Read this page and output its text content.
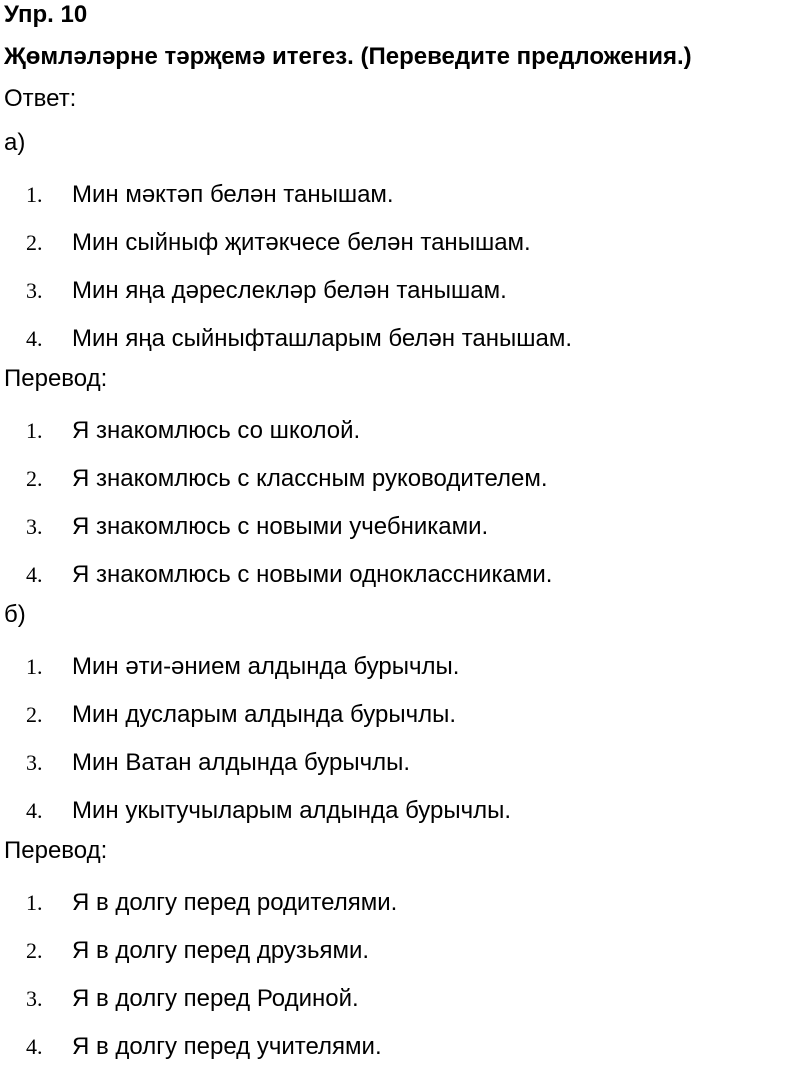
Упр. 10
Җөмләләрне тәрҗемә итегез. (Переведите предложения.)
Ответ:
а)
1.	Мин мәктәп белән танышам.
2.	Мин сыйныф җитәкчесе белән танышам.
3.	Мин яңа дәреслекләр белән танышам.
4.	Мин яңа сыйныфташларым белән танышам.
Перевод:
1.	Я знакомлюсь со школой.
2.	Я знакомлюсь с классным руководителем.
3.	Я знакомлюсь с новыми учебниками.
4.	Я знакомлюсь с новыми одноклассниками.
б)
1.	Мин әти-әнием алдында бурычлы.
2.	Мин дусларым алдында бурычлы.
3.	Мин Ватан алдында бурычлы.
4.	Мин укытучыларым алдында бурычлы.
Перевод:
1.	Я в долгу перед родителями.
2.	Я в долгу перед друзьями.
3.	Я в долгу перед Родиной.
4.	Я в долгу перед учителями.
